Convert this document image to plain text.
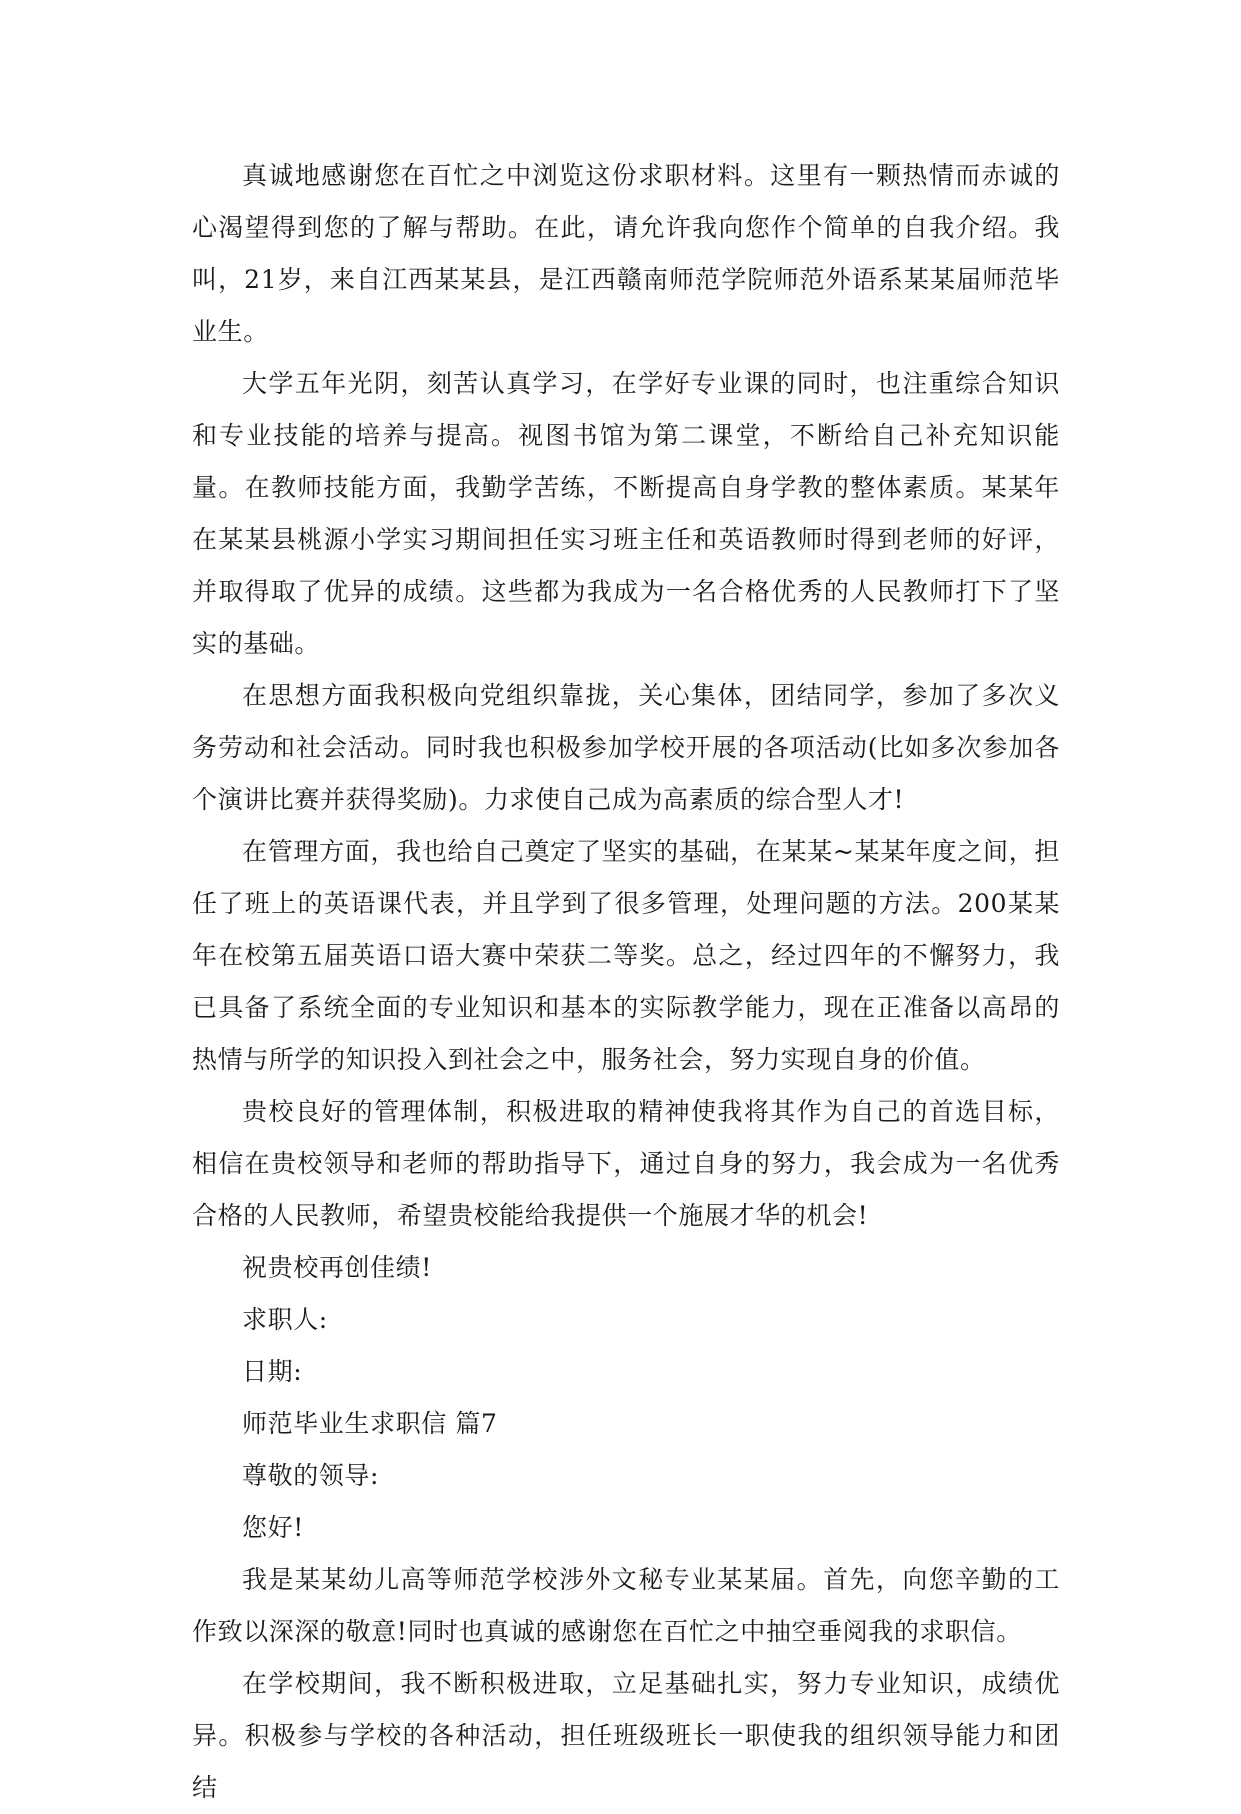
真诚地感谢您在百忙之中浏览这份求职材料。这里有一颗热情而赤诚的心渴望得到您的了解与帮助。在此，请允许我向您作个简单的自我介绍。我叫，21岁，来自江西某某县，是江西赣南师范学院师范外语系某某届师范毕业生。

大学五年光阴，刻苦认真学习，在学好专业课的同时，也注重综合知识和专业技能的培养与提高。视图书馆为第二课堂，不断给自己补充知识能量。在教师技能方面，我勤学苦练，不断提高自身学教的整体素质。某某年在某某县桃源小学实习期间担任实习班主任和英语教师时得到老师的好评，并取得取了优异的成绩。这些都为我成为一名合格优秀的人民教师打下了坚实的基础。

在思想方面我积极向党组织靠拢，关心集体，团结同学，参加了多次义务劳动和社会活动。同时我也积极参加学校开展的各项活动(比如多次参加各个演讲比赛并获得奖励)。力求使自己成为高素质的综合型人才!

在管理方面，我也给自己奠定了坚实的基础，在某某~某某年度之间，担任了班上的英语课代表，并且学到了很多管理，处理问题的方法。200某某年在校第五届英语口语大赛中荣获二等奖。总之，经过四年的不懈努力，我已具备了系统全面的专业知识和基本的实际教学能力，现在正准备以高昂的热情与所学的知识投入到社会之中，服务社会，努力实现自身的价值。

贵校良好的管理体制，积极进取的精神使我将其作为自己的首选目标，相信在贵校领导和老师的帮助指导下，通过自身的努力，我会成为一名优秀合格的人民教师，希望贵校能给我提供一个施展才华的机会!

祝贵校再创佳绩!

求职人:

日期:

师范毕业生求职信 篇7

尊敬的领导:

您好!

我是某某幼儿高等师范学校涉外文秘专业某某届。首先，向您辛勤的工作致以深深的敬意!同时也真诚的感谢您在百忙之中抽空垂阅我的求职信。

在学校期间，我不断积极进取，立足基础扎实，努力专业知识，成绩优异。积极参与学校的各种活动，担任班级班长一职使我的组织领导能力和团结
